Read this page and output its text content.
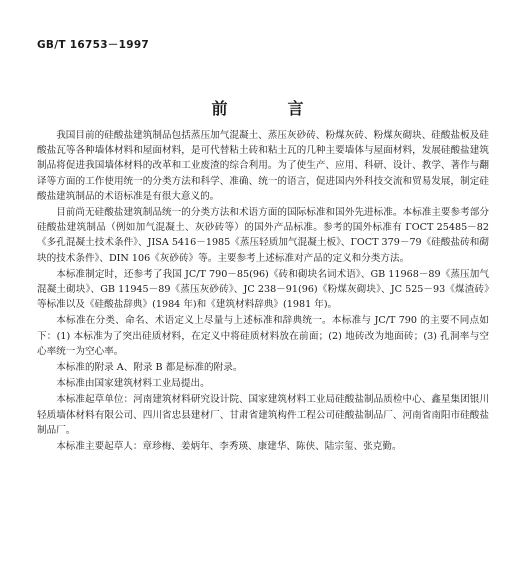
GB/T 16753－1997
前　言

我国目前的硅酸盐建筑制品包括蒸压加气混凝土、蒸压灰砂砖、粉煤灰砖、粉煤灰砌块、硅酸盐板及硅酸盐瓦等各种墙体材料和屋面材料，是可代替粘土砖和粘土瓦的几种主要墙体与屋面材料，发展硅酸盐建筑制品将促进我国墙体材料的改革和工业废渣的综合利用。为了使生产、应用、科研、设计、教学、著作与翻译等方面的工作使用统一的分类方法和科学、准确、统一的语言，促进国内外科技交流和贸易发展，制定硅酸盐建筑制品的术语标准是有很大意义的。

目前尚无硅酸盐建筑制品统一的分类方法和术语方面的国际标准和国外先进标准。本标准主要参考部分硅酸盐建筑制品（例如加气混凝土、灰砂砖等）的国外产品标准。参考的国外标准有 ГОСТ 25485－82《多孔混凝土技术条件》、JISA 5416－1985《蒸压轻质加气混凝土板》、ГОСТ 379－79《硅酸盐砖和砌块的技术条件》、DIN 106《灰砂砖》等。主要参考上述标准对产品的定义和分类方法。

本标准制定时，还参考了我国 JC/T 790－85(96)《砖和砌块名词术语》、GB 11968－89《蒸压加气混凝土砌块》、GB 11945－89《蒸压灰砂砖》、JC 238－91(96)《粉煤灰砌块》、JC 525－93《煤渣砖》等标准以及《硅酸盐辞典》(1984 年)和《建筑材料辞典》(1981 年)。

本标准在分类、命名、术语定义上尽量与上述标准和辞典统一。本标准与 JC/T 790 的主要不同点如下：(1) 本标准为了突出硅质材料，在定义中将硅质材料放在前面；(2) 地砖改为地面砖；(3) 孔洞率与空心率统一为空心率。

本标准的附录 A、附录 B 都是标准的附录。

本标准由国家建筑材料工业局提出。

本标准起草单位：河南建筑材料研究设计院、国家建筑材料工业局硅酸盐制品质检中心、鑫星集团银川轻质墙体材料有限公司、四川省忠县建材厂、甘肃省建筑构件工程公司硅酸盐制品厂、河南省南阳市硅酸盐制品厂。

本标准主要起草人：章珍梅、姜炳年、李秀瑛、康建华、陈侠、陆宗玺、张克勤。
